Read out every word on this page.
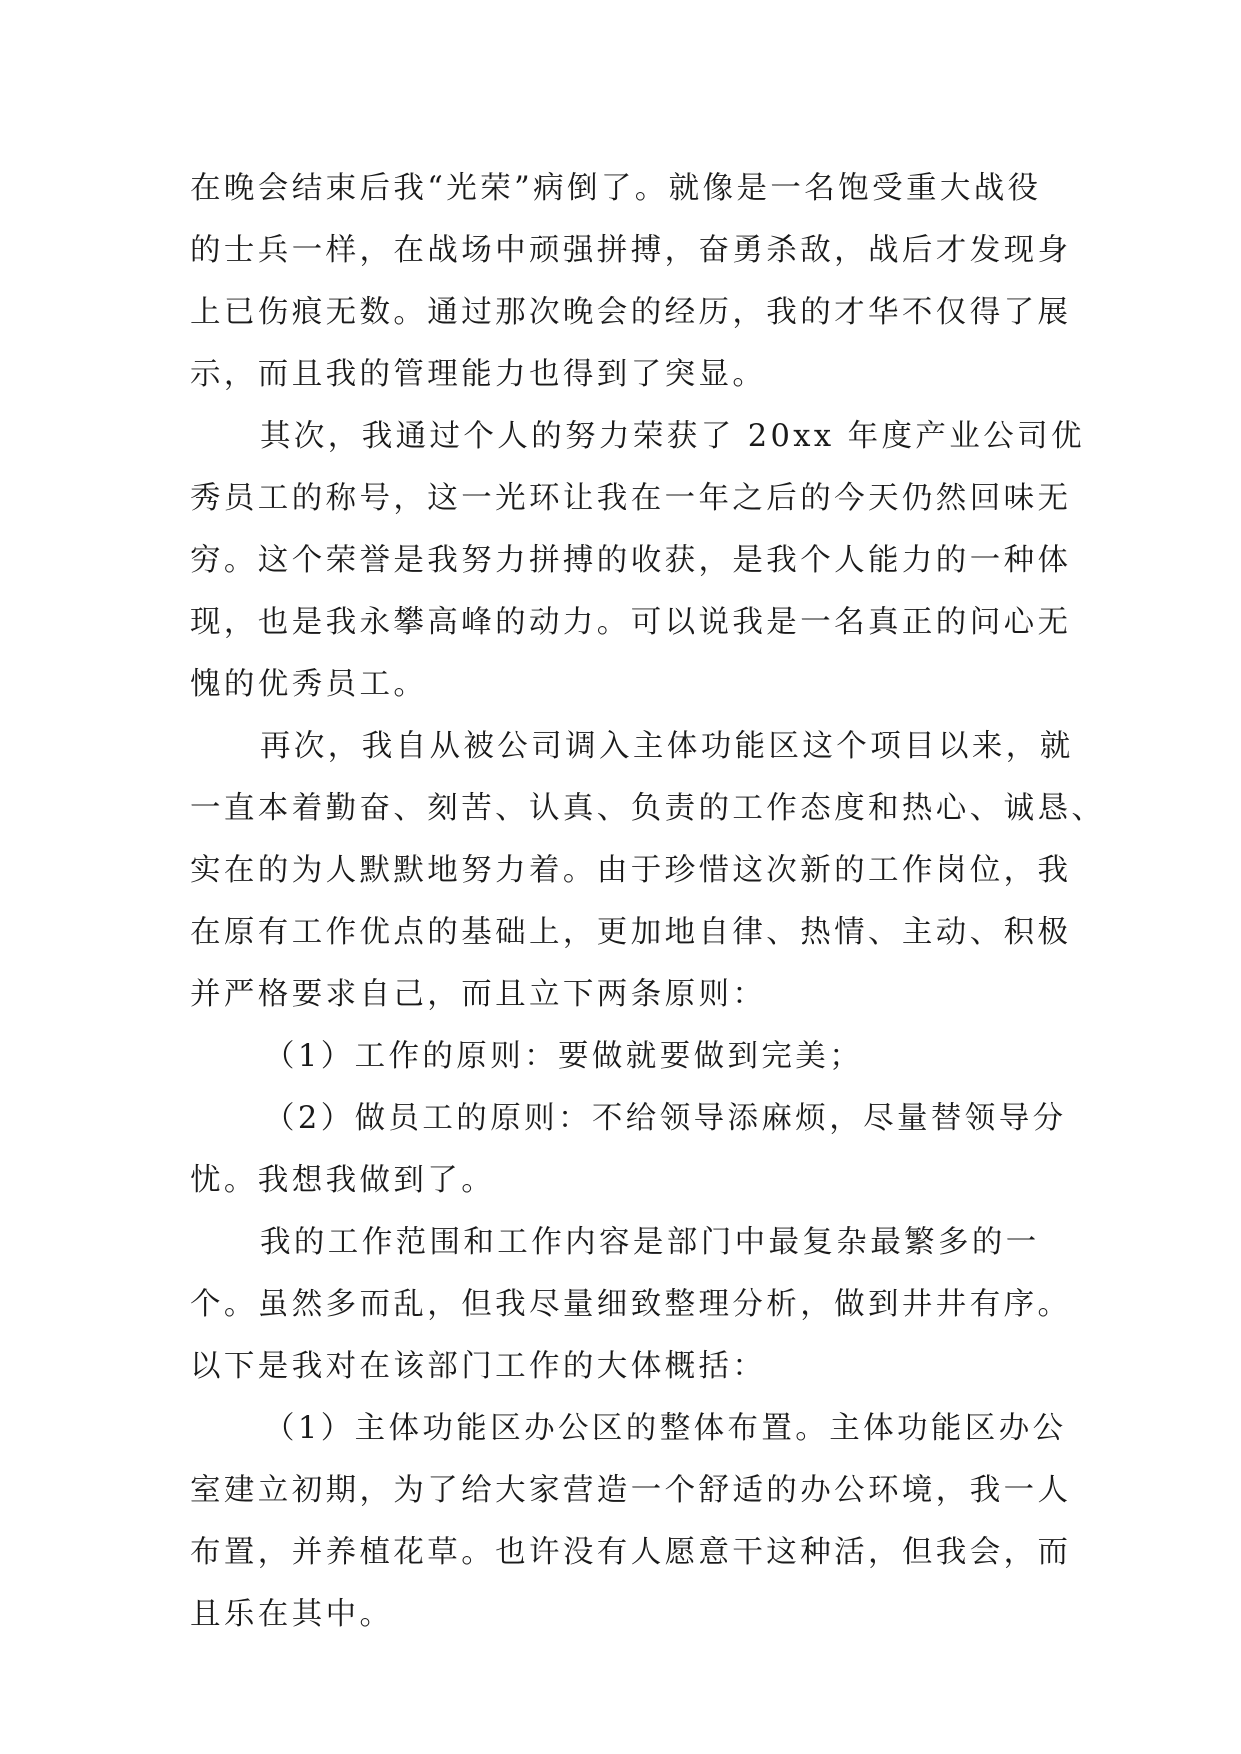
在晚会结束后我“光荣”病倒了。就像是一名饱受重大战役
的士兵一样，在战场中顽强拼搏，奋勇杀敌，战后才发现身
上已伤痕无数。通过那次晚会的经历，我的才华不仅得了展
示，而且我的管理能力也得到了突显。
其次，我通过个人的努力荣获了 20xx 年度产业公司优
秀员工的称号，这一光环让我在一年之后的今天仍然回味无
穷。这个荣誉是我努力拼搏的收获，是我个人能力的一种体
现，也是我永攀高峰的动力。可以说我是一名真正的问心无
愧的优秀员工。
再次，我自从被公司调入主体功能区这个项目以来，就
一直本着勤奋、刻苦、认真、负责的工作态度和热心、诚恳、
实在的为人默默地努力着。由于珍惜这次新的工作岗位，我
在原有工作优点的基础上，更加地自律、热情、主动、积极
并严格要求自己，而且立下两条原则：
（1）工作的原则：要做就要做到完美；
（2）做员工的原则：不给领导添麻烦，尽量替领导分
忧。我想我做到了。
我的工作范围和工作内容是部门中最复杂最繁多的一
个。虽然多而乱，但我尽量细致整理分析，做到井井有序。
以下是我对在该部门工作的大体概括：
（1）主体功能区办公区的整体布置。主体功能区办公
室建立初期，为了给大家营造一个舒适的办公环境，我一人
布置，并养植花草。也许没有人愿意干这种活，但我会，而
且乐在其中。
